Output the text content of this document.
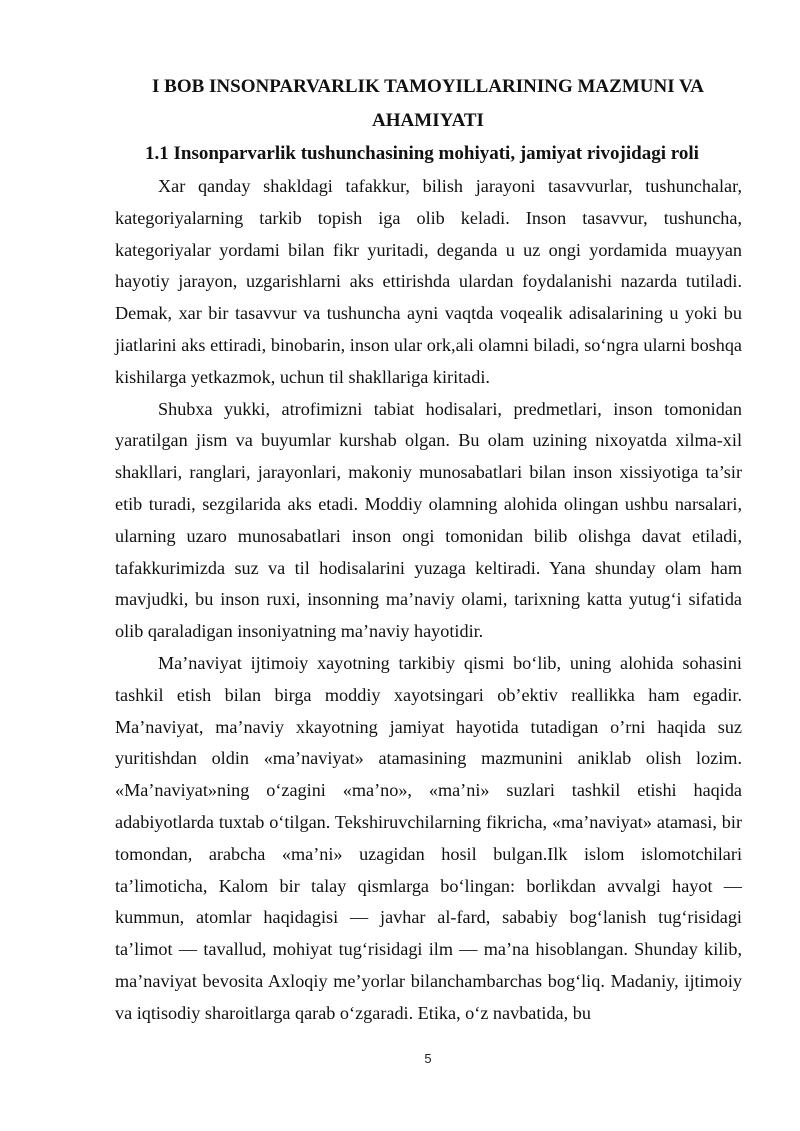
I BOB INSONPARVARLIK TAMOYILLARINING MAZMUNI VA AHAMIYATI
1.1 Insonparvarlik tushunchasining mohiyati, jamiyat rivojidagi roli

Xar qanday shakldagi tafakkur, bilish jarayoni tasavvurlar, tushunchalar, kategoriyalarning tarkib topish iga olib keladi. Inson tasavvur, tushuncha, kategoriyalar yordami bilan fikr yuritadi, deganda u uz ongi yordamida muayyan hayotiy jarayon, uzgarishlarni aks ettirishda ulardan foydalanishi nazarda tutiladi. Demak, xar bir tasavvur va tushuncha ayni vaqtda voqealik adisalarining u yoki bu jiatlarini aks ettiradi, binobarin, inson ular ork,ali olamni biladi, so‘ngra ularni boshqa kishilarga yetkazmok, uchun til shakllariga kiritadi.

Shubxa yukki, atrofimizni tabiat hodisalari, predmetlari, inson tomonidan yaratilgan jism va buyumlar kurshab olgan. Bu olam uzining nixoyatda xilma-xil shakllari, ranglari, jarayonlari, makoniy munosabatlari bilan inson xissiyotiga ta’sir etib turadi, sezgilarida aks etadi. Moddiy olamning alohida olingan ushbu narsalari, ularning uzaro munosabatlari inson ongi tomonidan bilib olishga davat etiladi, tafakkurimizda suz va til hodisalarini yuzaga keltiradi. Yana shunday olam ham mavjudki, bu inson ruxi, insonning ma’naviy olami, tarixning katta yutug‘i sifatida olib qaraladigan insoniyatning ma’naviy hayotidir.

Ma’naviyat ijtimoiy xayotning tarkibiy qismi bo‘lib, uning alohida sohasini tashkil etish bilan birga moddiy xayotsingari ob’ektiv reallikka ham egadir. Ma’naviyat, ma’naviy xkayotning jamiyat hayotida tutadigan o’rni haqida suz yuritishdan oldin «ma’naviyat» atamasining mazmunini aniklab olish lozim. «Ma’naviyat»ning o‘zagini «ma’no», «ma’ni» suzlari tashkil etishi haqida adabiyotlarda tuxtab o‘tilgan. Tekshiruvchilarning fikricha, «ma’naviyat» atamasi, bir tomondan, arabcha «ma’ni» uzagidan hosil bulgan.Ilk islom islomotchilari ta’limoticha, Kalom bir talay qismlarga bo‘lingan: borlikdan avvalgi hayot — kummun, atomlar haqidagisi — javhar al-fard, sababiy bog‘lanish tug‘risidagi ta’limot — tavallud, mohiyat tug‘risidagi ilm — ma’na hisoblangan. Shunday kilib, ma’naviyat bevosita Axloqiy me’yorlar bilanchambarchas bog‘liq. Madaniy, ijtimoiy va iqtisodiy sharoitlarga qarab o‘zgaradi. Etika, o‘z navbatida, bu

5
